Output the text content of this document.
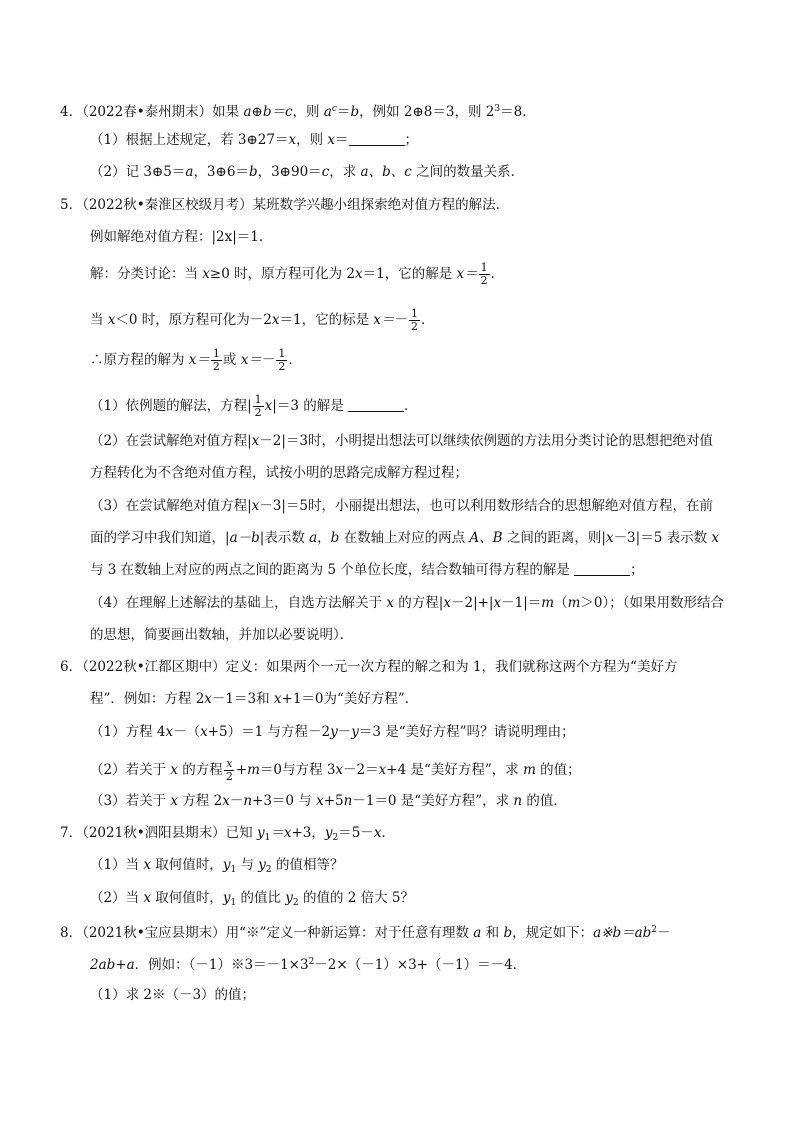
4．（2022春•泰州期末）如果 a⊕b＝c，则 $a^c=b$，例如 2⊕8＝3，则 $2^3=8$．
（1）根据上述规定，若 3⊕27＝x，则 x＝	；
（2）记 3⊕5＝a，3⊕6＝b，3⊕90＝c，求 a、b、c 之间的数量关系．
5．（2022秋•秦淮区校级月考）某班数学兴趣小组探索绝对值方程的解法．
例如解绝对值方程：|2x|＝1．
解：分类讨论：当 x≥0 时，原方程可化为 2x＝1，它的解是 $x= \frac{1}{2}$ ．
当 x＜0 时，原方程可化为－2x＝1，它的标是 $x=- \frac{1}{2}$ ．
∴原方程的解为 $x= \frac{1}{2}$ 或 $x=- \frac{1}{2}$ ．
（1）依例题的解法，方程| $\frac{1}{2} x|=3$ 的解是	．
（2）在尝试解绝对值方程|x－2|＝3时，小明提出想法可以继续依例题的方法用分类讨论的思想把绝对值
方程转化为不含绝对值方程，试按小明的思路完成解方程过程；
（3）在尝试解绝对值方程|x－3|＝5时，小丽提出想法，也可以利用数形结合的思想解绝对值方程，在前
面的学习中我们知道，|a－b|表示数 a，b 在数轴上对应的两点 A、B 之间的距离，则|x－3|＝5 表示数 x
与 3 在数轴上对应的两点之间的距离为 5 个单位长度，结合数轴可得方程的解是	；
（4）在理解上述解法的基础上，自选方法解关于 x 的方程|x－2|+|x－1|＝m（m＞0）；（如果用数形结合
的思想，简要画出数轴，并加以必要说明）．
6．（2022秋•江都区期中）定义：如果两个一元一次方程的解之和为 1，我们就称这两个方程为“美好方
程”．例如：方程 2x－1＝3和 x+1＝0为“美好方程”．
（1）方程 4x－（x+5）＝1 与方程－2y－y＝3 是“美好方程”吗？请说明理由；
（2）若关于 x 的方程 $\frac{x}{2} +m=0$与方程 3x－2＝x+4 是“美好方程”，求 m 的值；
（3）若关于 x 方程 2x－n+3＝0 与 x+5n－1＝0 是“美好方程”，求 n 的值．
7．（2021秋•泗阳县期末）已知 $y_1=x+3$，$y_2=5-x$．
（1）当 x 取何值时，$y_1$ 与 $y_2$ 的值相等？
（2）当 x 取何值时，$y_1$ 的值比 $y_2$ 的值的 2 倍大 5？
8．（2021秋•宝应县期末）用“※”定义一种新运算：对于任意有理数 a 和 b，规定如下：$a※b=ab^2-$
2ab+a．例如：$(-1)※3=-1\times 3^2-2\times(-1)\times 3+(-1)=-4$．
（1）求 2※（－3）的值；
